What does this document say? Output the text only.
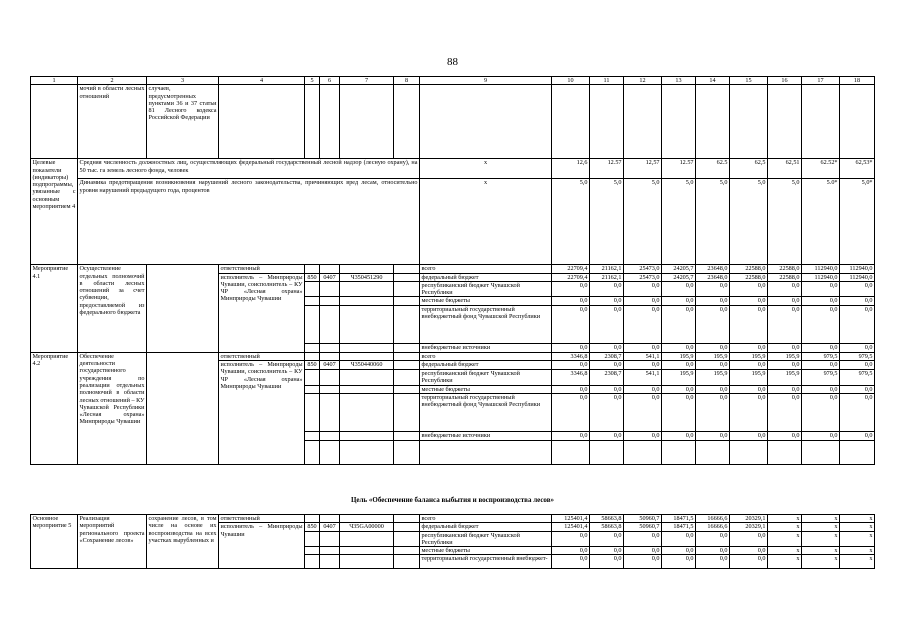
88
1	2	3	4	5	6	7	8	9	10	11	12	13	14	15	16	17	18	
	мочий в области лесных отношений	случаев, предусмотренных пунктами 36 и 37 статьи 81 Лесного кодекса Российской Федерации																
Целевые показатели (индикаторы) подпрограммы, увязанные с основным мероприятием 4	Средняя численность должностных лиц, осуществляющих федеральный государственный лесной надзор (лесную охрану), на 50 тыс. га земель лесного фонда, человек							x	12,6	12.57	12,57	12.57	62.5	62,5	62,51	62.52*	62,53*	
	Динамика предотвращения возникновения нарушений лесного законодательства, причиняющих вред лесам, относительно уровня нарушений предыдущего года, процентов							x	5,0	5,0	5,0	5,0	5,0	5,0	5,0	5.0*	5,0*	
Мероприятие 4.1	Осуществление отдельных полномочий в области лесных отношений за счет субвенции, предоставляемой из федерального бюджета		ответственный					всего	22709,4	21162,1	25473,0	24205,7	23648,0	22588,0	22588,0	112940,0	112940,0	
			исполнитель – Минприроды Чувашии, соисполнитель – КУ ЧР «Лесная охрана» Минприроды Чувашии	850	0407	Ч350451290		федеральный бюджет	22709,4	21162,1	25473,0	24205,7	23648,0	22588,0	22588,0	112940,0	112940,0	
								республиканский бюджет Чувашской Республики	0,0	0,0	0,0	0,0	0,0	0,0	0,0	0,0	0,0	
								местные бюджеты	0,0	0,0	0,0	0,0	0,0	0,0	0,0	0,0	0,0	
								территориальный государственный внебюджетный фонд Чувашской Республики	0,0	0,0	0,0	0,0	0,0	0,0	0,0	0,0	0,0	
								внебюджетные источники	0,0	0,0	0,0	0,0	0,0	0,0	0,0	0,0	0,0	
Мероприятие 4.2	Обеспечение деятельности государственного учреждения по реализации отдельных полномочий в области лесных отношений – КУ Чувашской Республики «Лесная охрана» Минприроды Чувашии		ответственный					всего	3346,8	2308,7	541,1	195,9	195,9	195,9	195,9	979,5	979,5	
			исполнитель – Минприроды Чувашии, соисполнитель – КУ ЧР «Лесная охрана» Минприроды Чувашии	850	0407	Ч350440060		федеральный бюджет	0,0	0,0	0,0	0,0	0,0	0,0	0,0	0,0	0,0	
								республиканский бюджет Чувашской Республики	3346,8	2308,7	541,1	195,9	195,9	195,9	195,9	979,5	979,5	
								местные бюджеты	0,0	0,0	0,0	0,0	0,0	0,0	0,0	0,0	0,0	
								территориальный государственный внебюджетный фонд Чувашской Республики	0,0	0,0	0,0	0,0	0,0	0,0	0,0	0,0	0,0	
								внебюджетные источники	0,0	0,0	0,0	0,0	0,0	0,0	0,0	0,0	0,0	

Цель «Обеспечение баланса выбытия и воспроизводства лесов»
Основное мероприятие 5	Реализация мероприятий регионального проекта «Сохранение лесов»	сохранение лесов, в том числе на основе их воспроизводства на всех участках вырубленных и	ответственный					всего	125401,4	58663,8	50960,7	18471,5	16666,6	20329,1	x	x	x
			исполнитель – Минприроды Чувашии	850	0407	Ч35GA00000		федеральный бюджет	125401,4	58663,8	50960,7	18471,5	16666,6	20329,1	x	x	x
								республиканский бюджет Чувашской Республики	0,0	0,0	0,0	0,0	0,0	0,0	x	x	x
								местные бюджеты	0,0	0,0	0,0	0,0	0,0	0,0	x	x	x
								территориальный государственный внебюджет-	0,0	0,0	0,0	0,0	0,0	0,0	x	x	x
